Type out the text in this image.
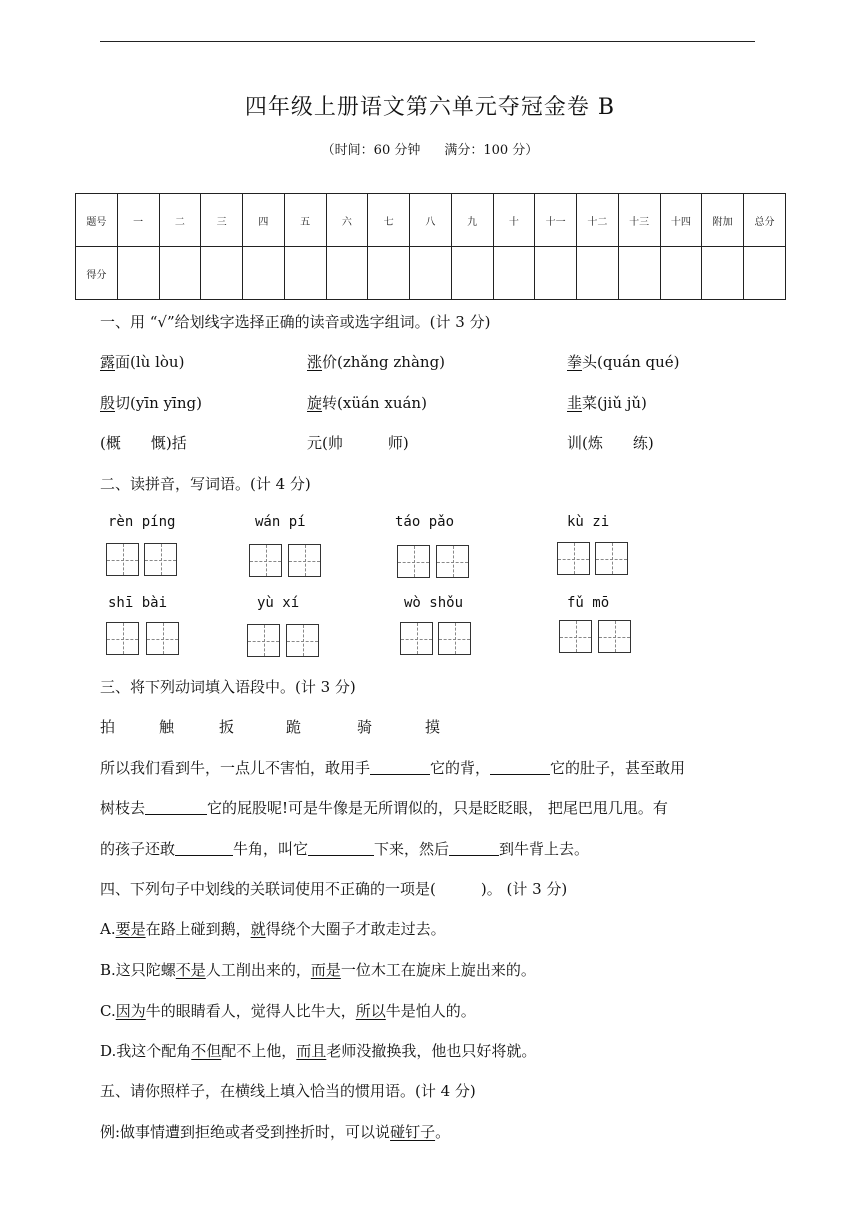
四年级上册语文第六单元夺冠金卷 B
（时间：60 分钟 满分：100 分）
题号	一	二	三	四	五	六	七	八	九	十	十一	十二	十三	十四	附加	总分
得分																
一、用 “√”给划线字选择正确的读音或选字组词。(计 3 分)
露面(lù lòu)	涨价(zhǎng zhàng)	拳头(quán qué)
殷切(yīn yīng)	旋转(xüán xuán)	韭菜(jiǔ jǔ)
(概　　慨)括	元(帅　　　师)	训(炼　　练)
二、读拼音，写词语。(计 4 分)
rèn píng	wán pí	táo pǎo	kù zi
shī bài	yù xí	wò shǒu	fǔ mō
三、将下列动词填入语段中。(计 3 分)
拍	触	扳	跪	骑	摸
所以我们看到牛，一点儿不害怕，敢用手	它的背，	它的肚子，甚至敢用
树枝去	它的屁股呢!可是牛像是无所谓似的，只是眨眨眼， 把尾巴甩几甩。有
的孩子还敢	牛角，叫它	下来，然后	到牛背上去。
四、下列句子中划线的关联词使用不正确的一项是(　　　)。 (计 3 分)
A.要是在路上碰到鹅，就得绕个大圈子才敢走过去。
B.这只陀螺不是人工削出来的，而是一位木工在旋床上旋出来的。
C.因为牛的眼睛看人，觉得人比牛大，所以牛是怕人的。
D.我这个配角不但配不上他，而且老师没撤换我，他也只好将就。
五、请你照样子，在横线上填入恰当的惯用语。(计 4 分)
例:做事情遭到拒绝或者受到挫折时，可以说碰钉子。
